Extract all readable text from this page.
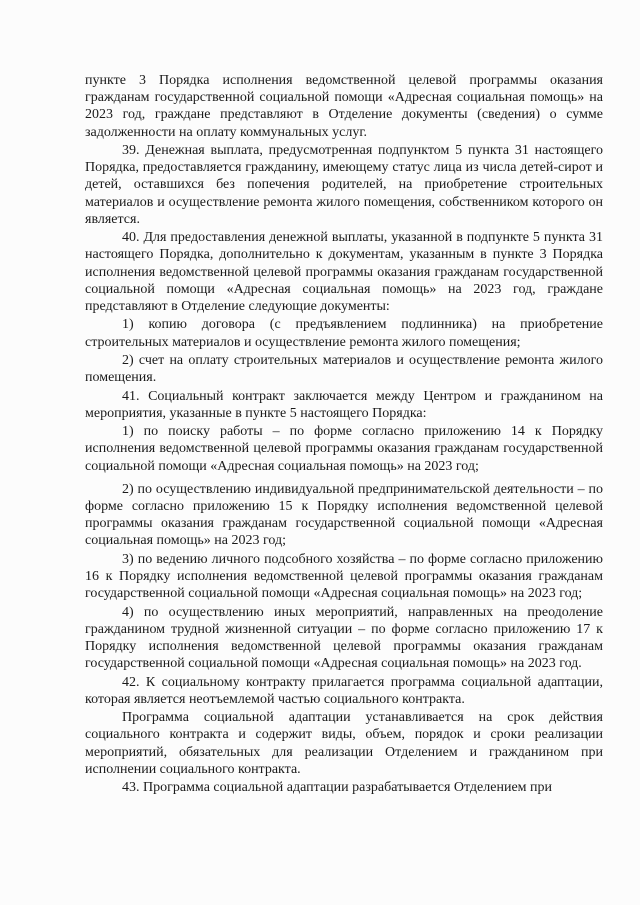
пункте 3 Порядка исполнения ведомственной целевой программы оказания гражданам государственной социальной помощи «Адресная социальная помощь» на 2023 год, граждане представляют в Отделение документы (сведения) о сумме задолженности на оплату коммунальных услуг.

39. Денежная выплата, предусмотренная подпунктом 5 пункта 31 настоящего Порядка, предоставляется гражданину, имеющему статус лица из числа детей-сирот и детей, оставшихся без попечения родителей, на приобретение строительных материалов и осуществление ремонта жилого помещения, собственником которого он является.

40. Для предоставления денежной выплаты, указанной в подпункте 5 пункта 31 настоящего Порядка, дополнительно к документам, указанным в пункте 3 Порядка исполнения ведомственной целевой программы оказания гражданам государственной социальной помощи «Адресная социальная помощь» на 2023 год, граждане представляют в Отделение следующие документы:

1) копию договора (с предъявлением подлинника) на приобретение строительных материалов и осуществление ремонта жилого помещения;

2) счет на оплату строительных материалов и осуществление ремонта жилого помещения.

41. Социальный контракт заключается между Центром и гражданином на мероприятия, указанные в пункте 5 настоящего Порядка:

1) по поиску работы – по форме согласно приложению 14 к Порядку исполнения ведомственной целевой программы оказания гражданам государственной социальной помощи «Адресная социальная помощь» на 2023 год;

2) по осуществлению индивидуальной предпринимательской деятельности – по форме согласно приложению 15 к Порядку исполнения ведомственной целевой программы оказания гражданам государственной социальной помощи «Адресная социальная помощь» на 2023 год;

3) по ведению личного подсобного хозяйства – по форме согласно приложению 16 к Порядку исполнения ведомственной целевой программы оказания гражданам государственной социальной помощи «Адресная социальная помощь» на 2023 год;

4) по осуществлению иных мероприятий, направленных на преодоление гражданином трудной жизненной ситуации – по форме согласно приложению 17 к Порядку исполнения ведомственной целевой программы оказания гражданам государственной социальной помощи «Адресная социальная помощь» на 2023 год.

42. К социальному контракту прилагается программа социальной адаптации, которая является неотъемлемой частью социального контракта.

Программа социальной адаптации устанавливается на срок действия социального контракта и содержит виды, объем, порядок и сроки реализации мероприятий, обязательных для реализации Отделением и гражданином при исполнении социального контракта.

43. Программа социальной адаптации разрабатывается Отделением при
